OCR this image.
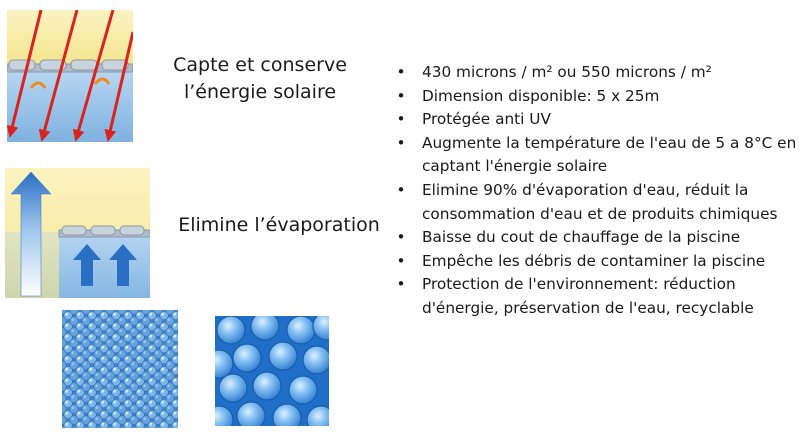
Capte et conserve
l’énergie solaire

Elimine l’évaporation

• 430 microns / m² ou 550 microns / m²
• Dimension disponible: 5 x 25m
• Protégée anti UV
• Augmente la température de l'eau de 5 a 8°C en captant l'énergie solaire
• Elimine 90% d'évaporation d'eau, réduit la consommation d'eau et de produits chimiques
• Baisse du cout de chauffage de la piscine
• Empêche les débris de contaminer la piscine
• Protection de l'environnement: réduction d'énergie, préservation de l'eau, recyclable
